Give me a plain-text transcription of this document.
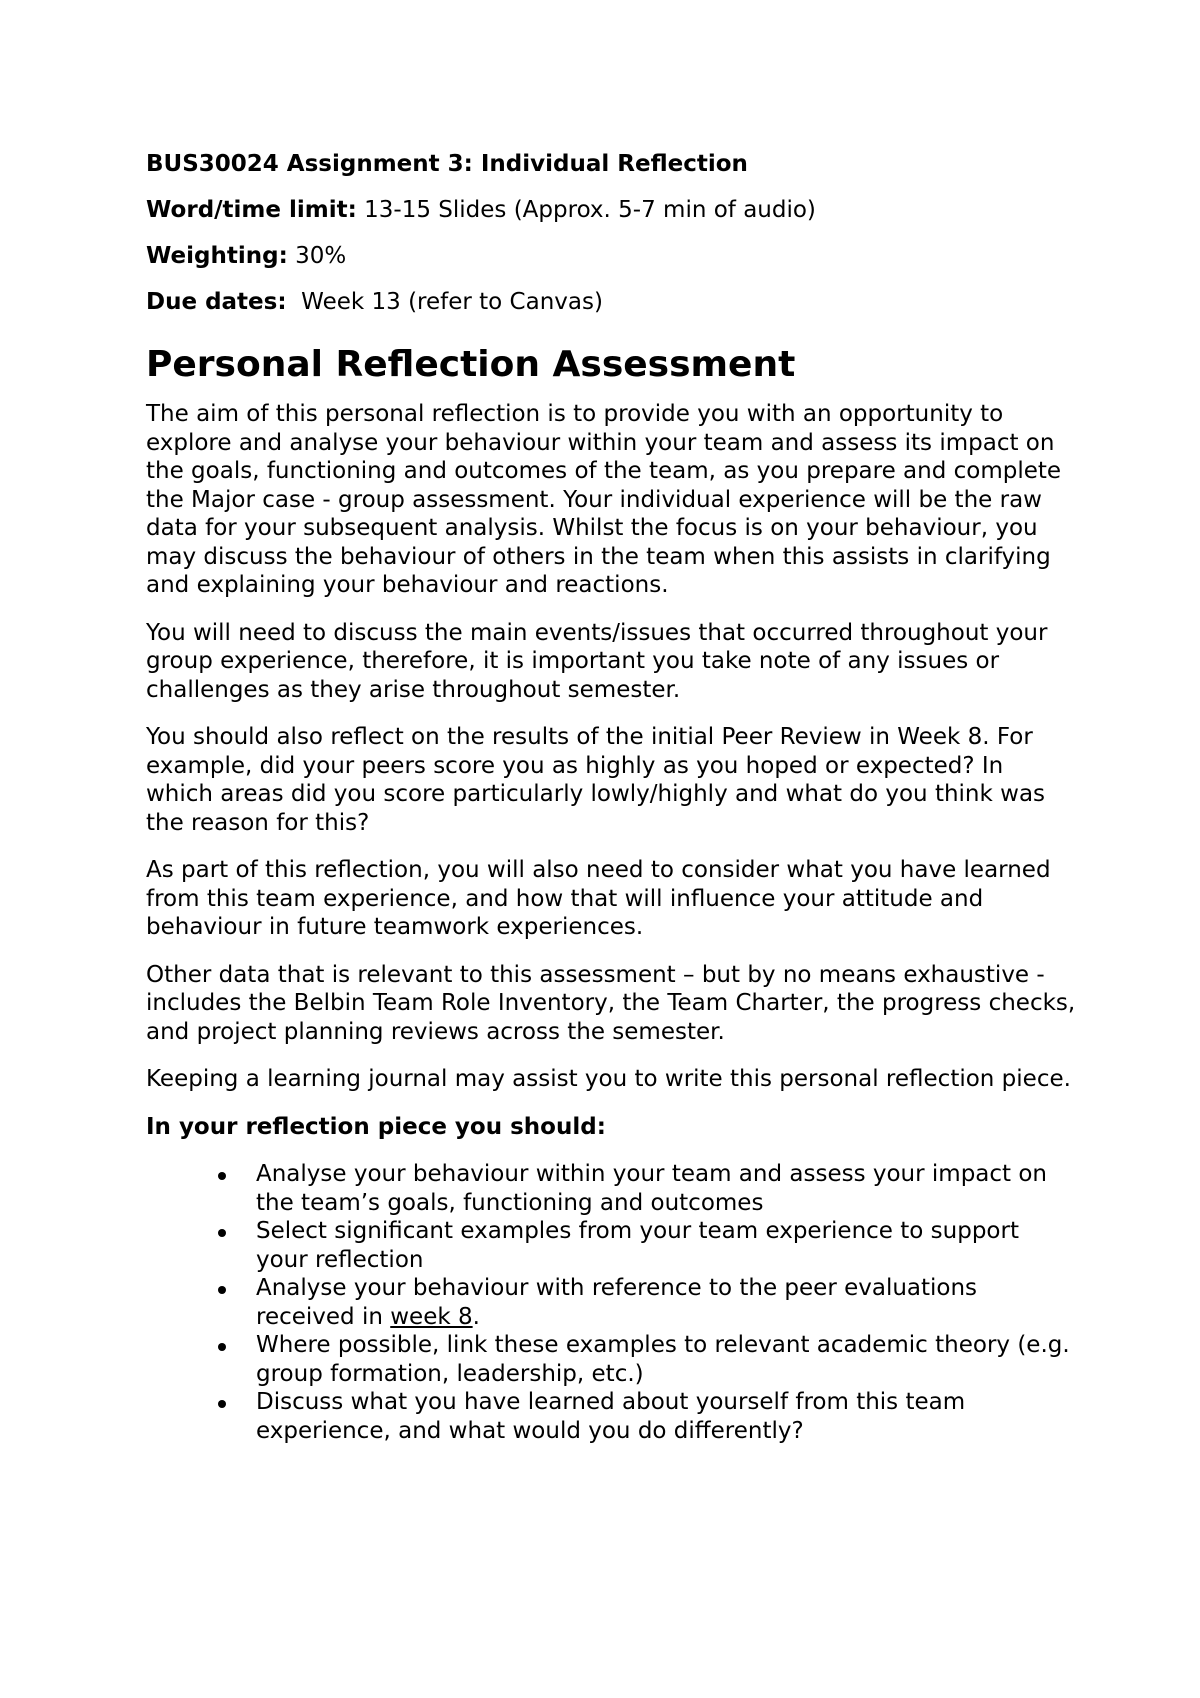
BUS30024 Assignment 3: Individual Reflection
Word/time limit: 13-15 Slides (Approx. 5-7 min of audio)
Weighting: 30%
Due dates:  Week 13 (refer to Canvas)
Personal Reflection Assessment

The aim of this personal reflection is to provide you with an opportunity to explore and analyse your behaviour within your team and assess its impact on the goals, functioning and outcomes of the team, as you prepare and complete the Major case - group assessment. Your individual experience will be the raw data for your subsequent analysis. Whilst the focus is on your behaviour, you may discuss the behaviour of others in the team when this assists in clarifying and explaining your behaviour and reactions.

You will need to discuss the main events/issues that occurred throughout your group experience, therefore, it is important you take note of any issues or challenges as they arise throughout semester.

You should also reflect on the results of the initial Peer Review in Week 8. For example, did your peers score you as highly as you hoped or expected? In which areas did you score particularly lowly/highly and what do you think was the reason for this?

As part of this reflection, you will also need to consider what you have learned from this team experience, and how that will influence your attitude and behaviour in future teamwork experiences.

Other data that is relevant to this assessment – but by no means exhaustive - includes the Belbin Team Role Inventory, the Team Charter, the progress checks, and project planning reviews across the semester.

Keeping a learning journal may assist you to write this personal reflection piece.

In your reflection piece you should:

Analyse your behaviour within your team and assess your impact on the team’s goals, functioning and outcomes
Select significant examples from your team experience to support your reflection
Analyse your behaviour with reference to the peer evaluations received in week 8.
Where possible, link these examples to relevant academic theory (e.g. group formation, leadership, etc.)
Discuss what you have learned about yourself from this team experience, and what would you do differently?
